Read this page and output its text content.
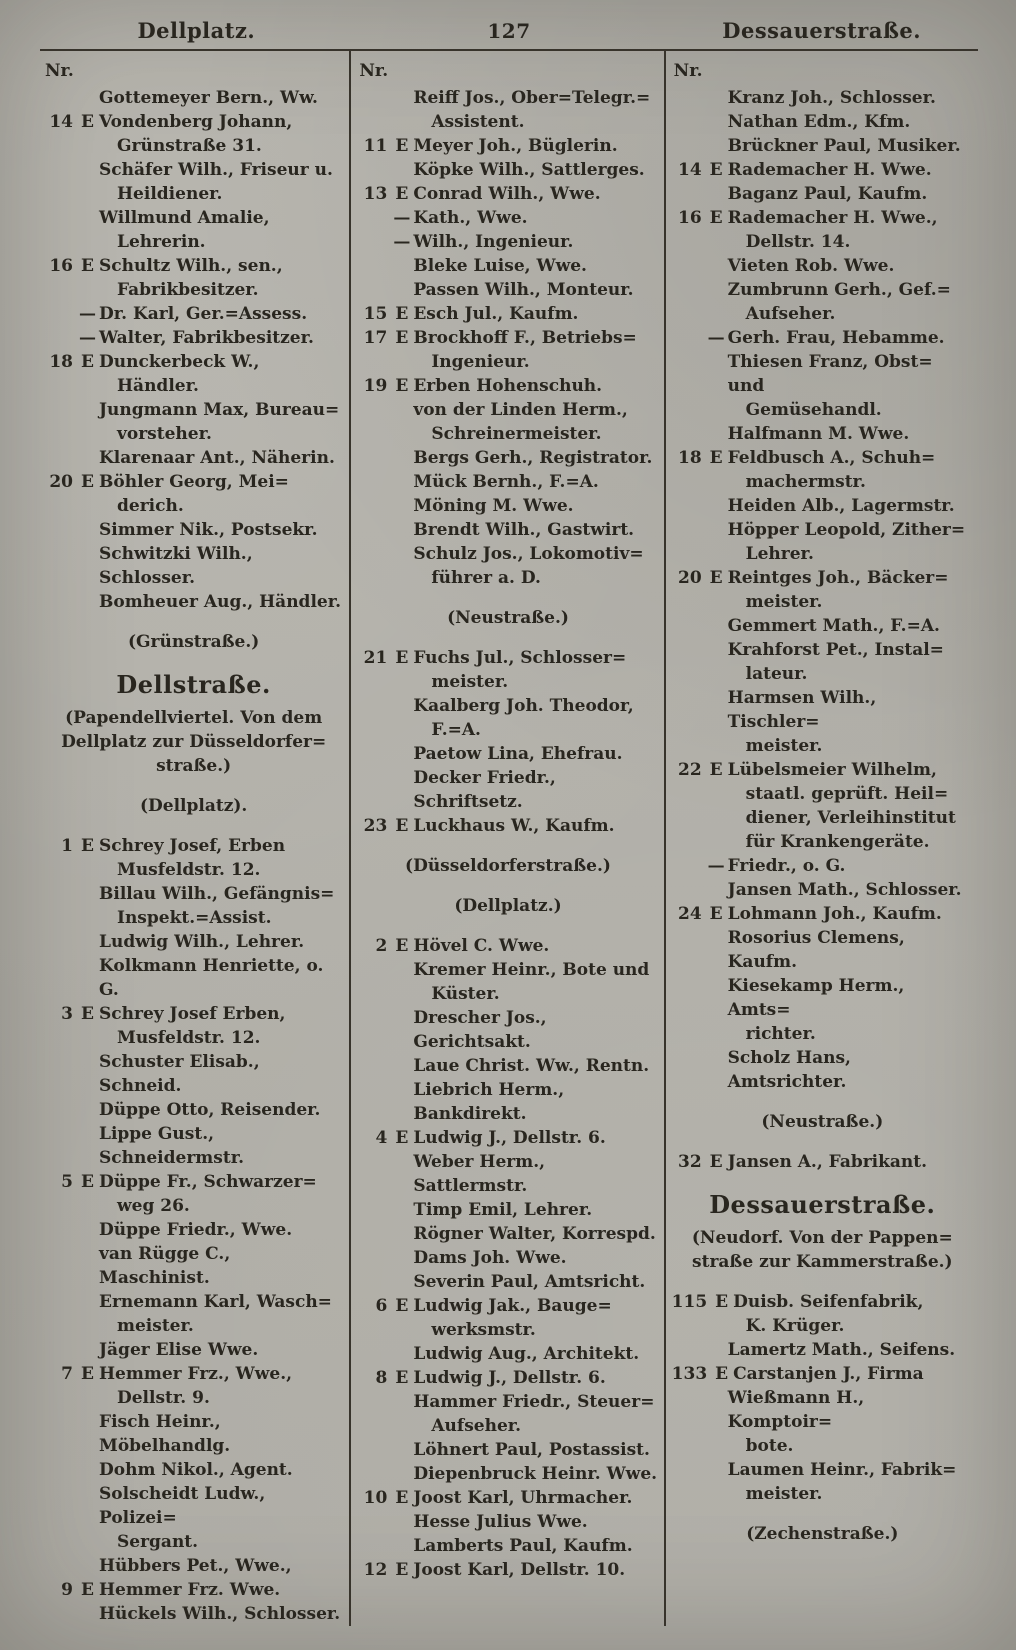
Dellplatz.	127	Dessauerstraße.
Nr.
Gottemeyer Bern., Ww.
14 E Vondenberg Johann,
Grünstraße 31.
Schäfer Wilh., Friseur u.
Heildiener.
Willmund Amalie,
Lehrerin.
16 E Schultz Wilh., sen.,
Fabrikbesitzer.
— Dr. Karl, Ger.=Assess.
— Walter, Fabrikbesitzer.
18 E Dunckerbeck W.,
Händler.
Jungmann Max, Bureau=
vorsteher.
Klarenaar Ant., Näherin.
20 E Böhler Georg, Mei=
derich.
Simmer Nik., Postsekr.
Schwitzki Wilh., Schlosser.
Bomheuer Aug., Händler.
(Grünstraße.)
Dellstraße.
(Papendellviertel. Von dem
Dellplatz zur Düsseldorfer=
straße.)
(Dellplatz).
1 E Schrey Josef, Erben
Musfeldstr. 12.
Billau Wilh., Gefängnis=
Inspekt.=Assist.
Ludwig Wilh., Lehrer.
Kolkmann Henriette, o. G.
3 E Schrey Josef Erben,
Musfeldstr. 12.
Schuster Elisab., Schneid.
Düppe Otto, Reisender.
Lippe Gust., Schneidermstr.
5 E Düppe Fr., Schwarzer=
weg 26.
Düppe Friedr., Wwe.
van Rügge C., Maschinist.
Ernemann Karl, Wasch=
meister.
Jäger Elise Wwe.
7 E Hemmer Frz., Wwe.,
Dellstr. 9.
Fisch Heinr., Möbelhandlg.
Dohm Nikol., Agent.
Solscheidt Ludw., Polizei=
Sergant.
Hübbers Pet., Wwe.,
9 E Hemmer Frz. Wwe.
Hückels Wilh., Schlosser.
Nr.
Reiff Jos., Ober=Telegr.=
Assistent.
11 E Meyer Joh., Büglerin.
Köpke Wilh., Sattlerges.
13 E Conrad Wilh., Wwe.
— Kath., Wwe.
— Wilh., Ingenieur.
Bleke Luise, Wwe.
Passen Wilh., Monteur.
15 E Esch Jul., Kaufm.
17 E Brockhoff F., Betriebs=
Ingenieur.
19 E Erben Hohenschuh.
von der Linden Herm.,
Schreinermeister.
Bergs Gerh., Registrator.
Mück Bernh., F.=A.
Möning M. Wwe.
Brendt Wilh., Gastwirt.
Schulz Jos., Lokomotiv=
führer a. D.
(Neustraße.)
21 E Fuchs Jul., Schlosser=
meister.
Kaalberg Joh. Theodor,
F.=A.
Paetow Lina, Ehefrau.
Decker Friedr., Schriftsetz.
23 E Luckhaus W., Kaufm.
(Düsseldorferstraße.)
(Dellplatz.)
2 E Hövel C. Wwe.
Kremer Heinr., Bote und
Küster.
Drescher Jos., Gerichtsakt.
Laue Christ. Ww., Rentn.
Liebrich Herm., Bankdirekt.
4 E Ludwig J., Dellstr. 6.
Weber Herm., Sattlermstr.
Timp Emil, Lehrer.
Rögner Walter, Korrespd.
Dams Joh. Wwe.
Severin Paul, Amtsricht.
6 E Ludwig Jak., Bauge=
werksmstr.
Ludwig Aug., Architekt.
8 E Ludwig J., Dellstr. 6.
Hammer Friedr., Steuer=
Aufseher.
Löhnert Paul, Postassist.
Diepenbruck Heinr. Wwe.
10 E Joost Karl, Uhrmacher.
Hesse Julius Wwe.
Lamberts Paul, Kaufm.
12 E Joost Karl, Dellstr. 10.
Nr.
Kranz Joh., Schlosser.
Nathan Edm., Kfm.
Brückner Paul, Musiker.
14 E Rademacher H. Wwe.
Baganz Paul, Kaufm.
16 E Rademacher H. Wwe.,
Dellstr. 14.
Vieten Rob. Wwe.
Zumbrunn Gerh., Gef.=
Aufseher.
— Gerh. Frau, Hebamme.
Thiesen Franz, Obst= und
Gemüsehandl.
Halfmann M. Wwe.
18 E Feldbusch A., Schuh=
machermstr.
Heiden Alb., Lagermstr.
Höpper Leopold, Zither=
Lehrer.
20 E Reintges Joh., Bäcker=
meister.
Gemmert Math., F.=A.
Krahforst Pet., Instal=
lateur.
Harmsen Wilh., Tischler=
meister.
22 E Lübelsmeier Wilhelm,
staatl. geprüft. Heil=
diener, Verleihinstitut
für Krankengeräte.
— Friedr., o. G.
Jansen Math., Schlosser.
24 E Lohmann Joh., Kaufm.
Rosorius Clemens, Kaufm.
Kiesekamp Herm., Amts=
richter.
Scholz Hans, Amtsrichter.
(Neustraße.)
32 E Jansen A., Fabrikant.
Dessauerstraße.
(Neudorf. Von der Pappen=
straße zur Kammerstraße.)
115 E Duisb. Seifenfabrik,
K. Krüger.
Lamertz Math., Seifens.
133 E Carstanjen J., Firma
Wießmann H., Komptoir=
bote.
Laumen Heinr., Fabrik=
meister.
(Zechenstraße.)
